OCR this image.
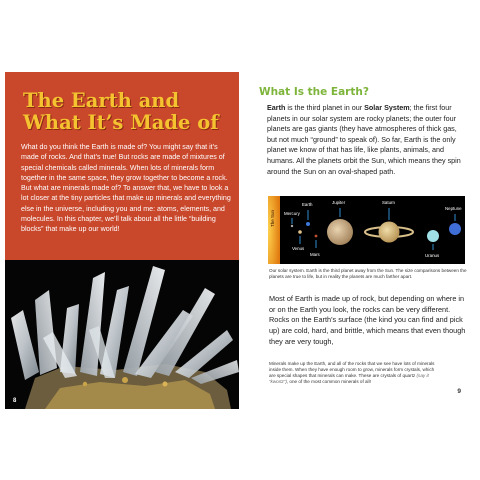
The Earth and
What It’s Made of

What do you think the Earth is made of? You might say that it’s made of rocks. And that’s true! But rocks are made of mixtures of special chemicals called minerals. When lots of minerals form together in the same space, they grow together to become a rock. But what are minerals made of? To answer that, we have to look a lot closer at the tiny particles that make up minerals and everything else in the universe, including you and me: atoms, elements, and molecules. In this chapter, we’ll talk about all the little “building blocks” that make up our world!

8
What Is the Earth?

Earth is the third planet in our Solar System; the first four planets in our solar system are rocky planets; the outer four planets are gas giants (they have atmospheres of thick gas, but not much “ground” to speak of). So far, Earth is the only planet we know of that has life, like plants, animals, and humans. All the planets orbit the Sun, which means they spin around the Sun on an oval-shaped path.

The Sun
Earth
Mercury
Venus
Mars
Jupiter	Saturn
Neptune
Uranus

Our solar system. Earth is the third planet away from the Sun. The size comparisons between the planets are true to life, but in reality the planets are much farther apart.

Most of Earth is made up of rock, but depending on where in or on the Earth you look, the rocks can be very different. Rocks on the Earth’s surface (the kind you can find and pick up) are cold, hard, and brittle, which means that even though they are very tough,

Minerals make up the Earth, and all of the rocks that we see have lots of minerals inside them. When they have enough room to grow, minerals form crystals, which are special shapes that minerals can make. These are crystals of quartz (say it “kwortz”), one of the most common minerals of all!

9
